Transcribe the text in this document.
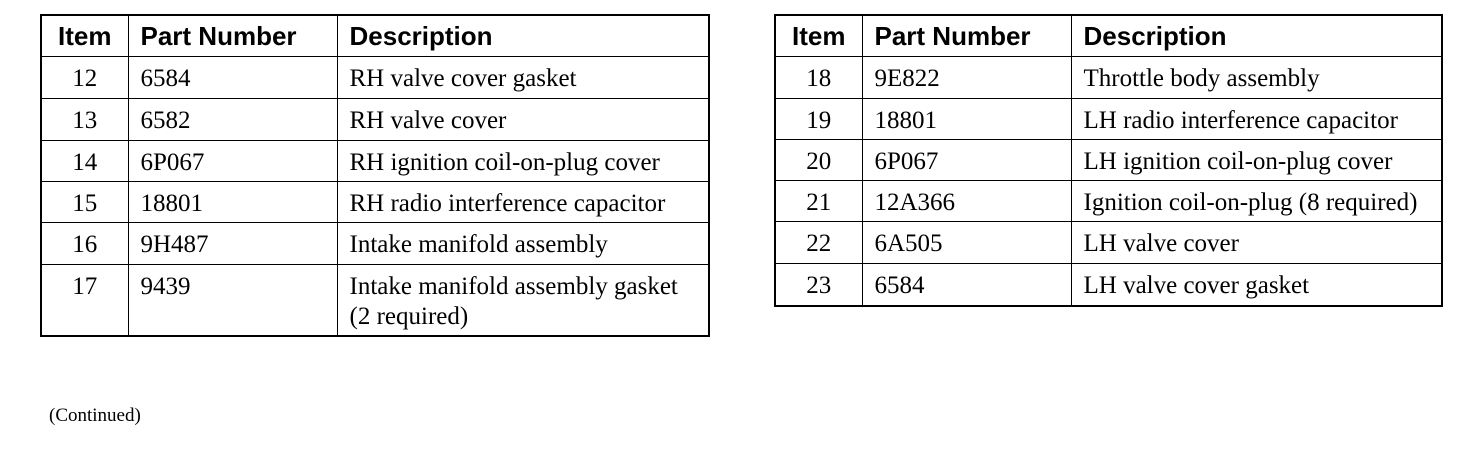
Item	Part Number	Description
12	6584	RH valve cover gasket
13	6582	RH valve cover
14	6P067	RH ignition coil-on-plug cover
15	18801	RH radio interference capacitor
16	9H487	Intake manifold assembly
17	9439	Intake manifold assembly gasket (2 required)
(Continued)
Item	Part Number	Description
18	9E822	Throttle body assembly
19	18801	LH radio interference capacitor
20	6P067	LH ignition coil-on-plug cover
21	12A366	Ignition coil-on-plug (8 required)
22	6A505	LH valve cover
23	6584	LH valve cover gasket
